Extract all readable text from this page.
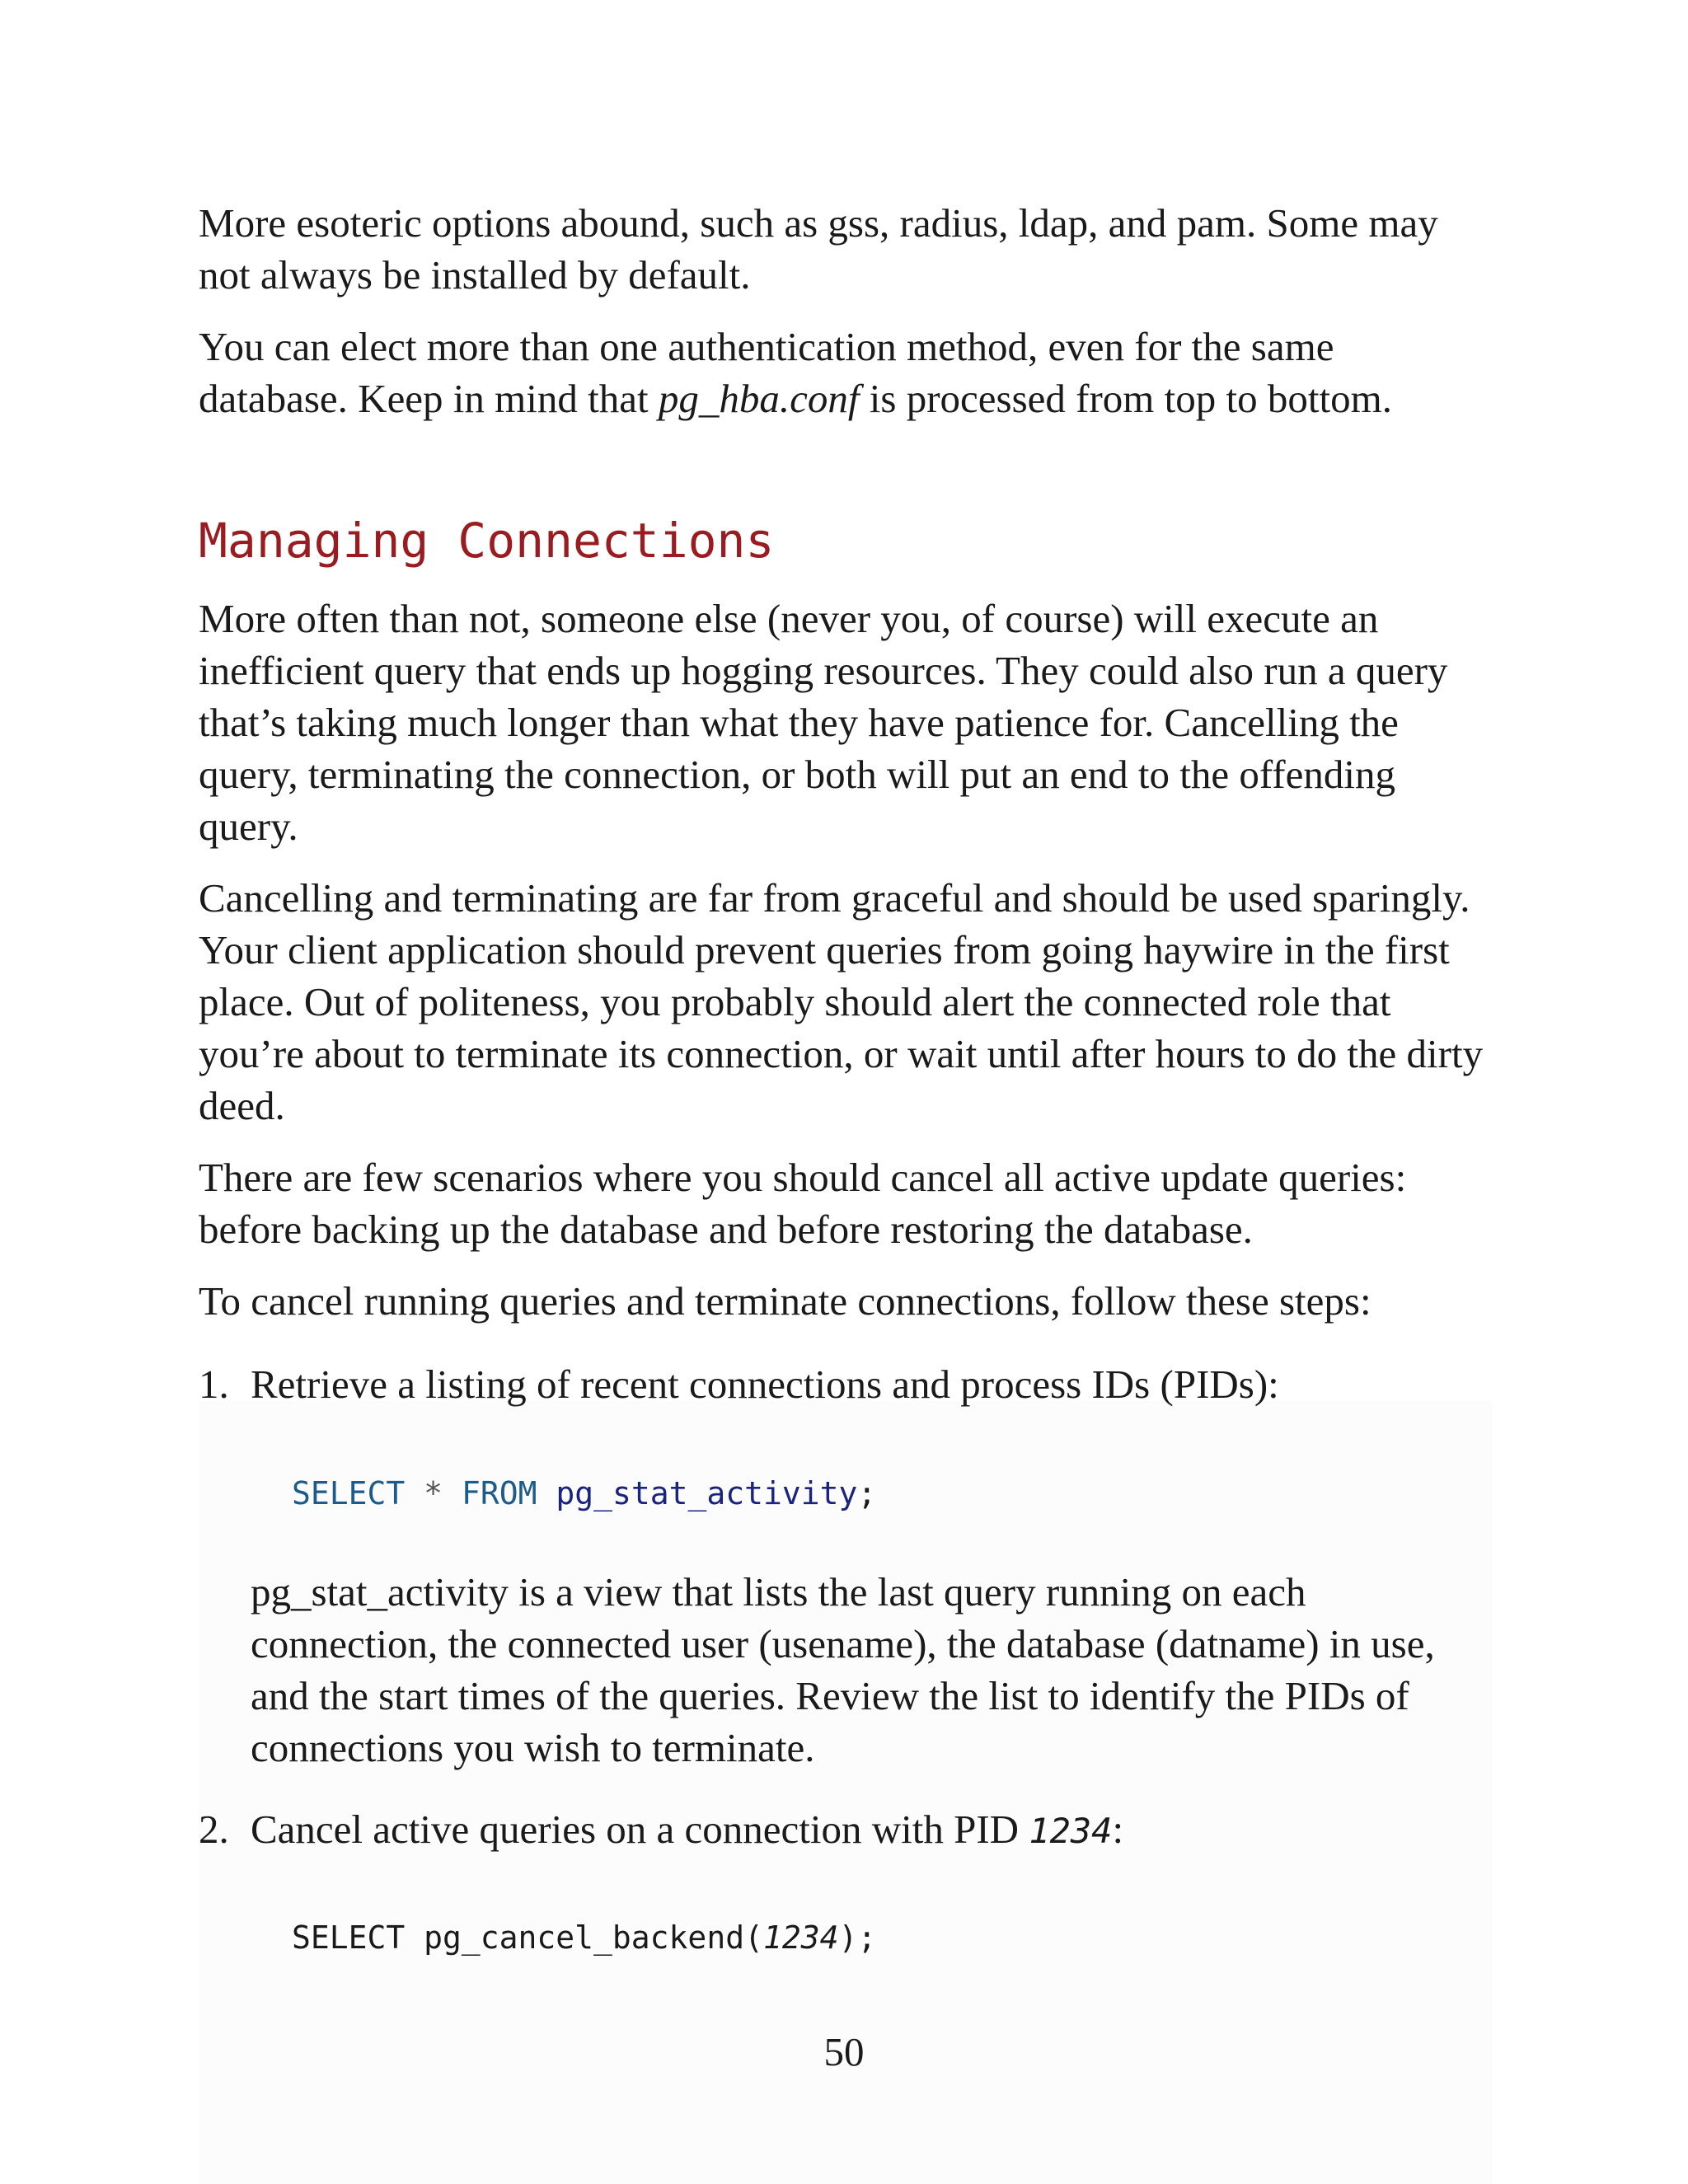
More esoteric options abound, such as gss, radius, ldap, and pam. Some may not always be installed by default.

You can elect more than one authentication method, even for the same database. Keep in mind that pg_hba.conf is processed from top to bottom.

Managing Connections

More often than not, someone else (never you, of course) will execute an inefficient query that ends up hogging resources. They could also run a query that’s taking much longer than what they have patience for. Cancelling the query, terminating the connection, or both will put an end to the offending query.

Cancelling and terminating are far from graceful and should be used sparingly. Your client application should prevent queries from going haywire in the first place. Out of politeness, you probably should alert the connected role that you’re about to terminate its connection, or wait until after hours to do the dirty deed.

There are few scenarios where you should cancel all active update queries: before backing up the database and before restoring the database.

To cancel running queries and terminate connections, follow these steps:

1. Retrieve a listing of recent connections and process IDs (PIDs):

SELECT * FROM pg_stat_activity;

pg_stat_activity is a view that lists the last query running on each connection, the connected user (usename), the database (datname) in use, and the start times of the queries. Review the list to identify the PIDs of connections you wish to terminate.

2. Cancel active queries on a connection with PID 1234:

SELECT pg_cancel_backend(1234);
50
